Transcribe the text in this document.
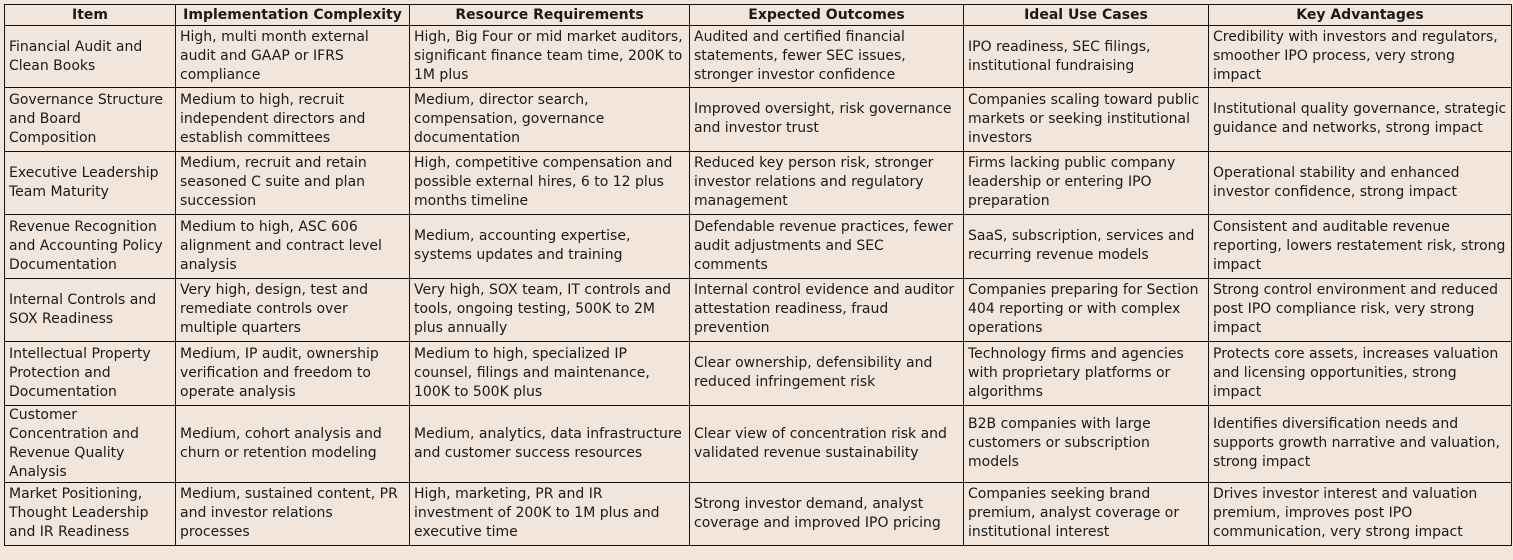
Item	Implementation Complexity	Resource Requirements	Expected Outcomes	Ideal Use Cases	Key Advantages
Financial Audit and Clean Books	High, multi month external audit and GAAP or IFRS compliance	High, Big Four or mid market auditors, significant finance team time, 200K to 1M plus	Audited and certified financial statements, fewer SEC issues, stronger investor confidence	IPO readiness, SEC filings, institutional fundraising	Credibility with investors and regulators, smoother IPO process, very strong impact
Governance Structure and Board Composition	Medium to high, recruit independent directors and establish committees	Medium, director search, compensation, governance documentation	Improved oversight, risk governance and investor trust	Companies scaling toward public markets or seeking institutional investors	Institutional quality governance, strategic guidance and networks, strong impact
Executive Leadership Team Maturity	Medium, recruit and retain seasoned C suite and plan succession	High, competitive compensation and possible external hires, 6 to 12 plus months timeline	Reduced key person risk, stronger investor relations and regulatory management	Firms lacking public company leadership or entering IPO preparation	Operational stability and enhanced investor confidence, strong impact
Revenue Recognition and Accounting Policy Documentation	Medium to high, ASC 606 alignment and contract level analysis	Medium, accounting expertise, systems updates and training	Defendable revenue practices, fewer audit adjustments and SEC comments	SaaS, subscription, services and recurring revenue models	Consistent and auditable revenue reporting, lowers restatement risk, strong impact
Internal Controls and SOX Readiness	Very high, design, test and remediate controls over multiple quarters	Very high, SOX team, IT controls and tools, ongoing testing, 500K to 2M plus annually	Internal control evidence and auditor attestation readiness, fraud prevention	Companies preparing for Section 404 reporting or with complex operations	Strong control environment and reduced post IPO compliance risk, very strong impact
Intellectual Property Protection and Documentation	Medium, IP audit, ownership verification and freedom to operate analysis	Medium to high, specialized IP counsel, filings and maintenance, 100K to 500K plus	Clear ownership, defensibility and reduced infringement risk	Technology firms and agencies with proprietary platforms or algorithms	Protects core assets, increases valuation and licensing opportunities, strong impact
Customer Concentration and Revenue Quality Analysis	Medium, cohort analysis and churn or retention modeling	Medium, analytics, data infrastructure and customer success resources	Clear view of concentration risk and validated revenue sustainability	B2B companies with large customers or subscription models	Identifies diversification needs and supports growth narrative and valuation, strong impact
Market Positioning, Thought Leadership and IR Readiness	Medium, sustained content, PR and investor relations processes	High, marketing, PR and IR investment of 200K to 1M plus and executive time	Strong investor demand, analyst coverage and improved IPO pricing	Companies seeking brand premium, analyst coverage or institutional interest	Drives investor interest and valuation premium, improves post IPO communication, very strong impact
